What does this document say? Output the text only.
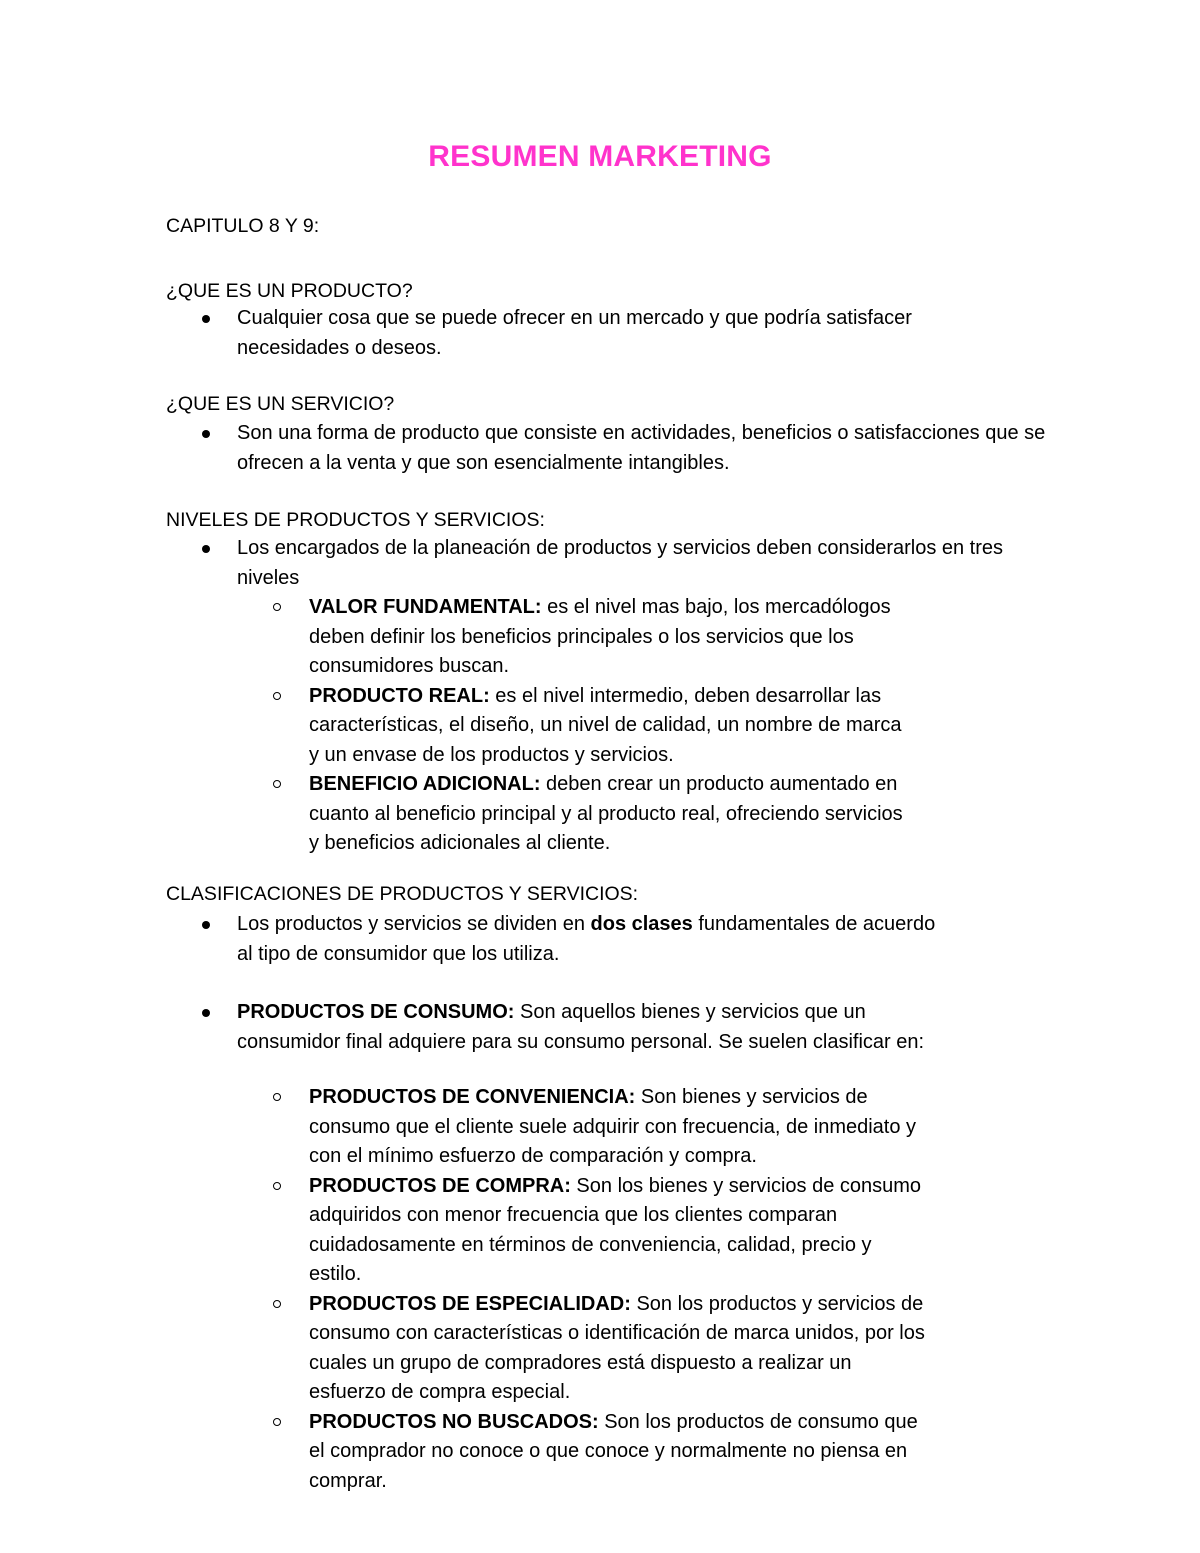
RESUMEN MARKETING
CAPITULO 8 Y 9:
¿QUE ES UN PRODUCTO?
Cualquier cosa que se puede ofrecer en un mercado y que podría satisfacer necesidades o deseos.
¿QUE ES UN SERVICIO?
Son una forma de producto que consiste en actividades, beneficios o satisfacciones que se ofrecen a la venta y que son esencialmente intangibles.
NIVELES DE PRODUCTOS Y SERVICIOS:
Los encargados de la planeación de productos y servicios deben considerarlos en tres niveles
VALOR FUNDAMENTAL: es el nivel mas bajo, los mercadólogos deben definir los beneficios principales o los servicios que los consumidores buscan.
PRODUCTO REAL: es el nivel intermedio, deben desarrollar las características, el diseño, un nivel de calidad, un nombre de marca y un envase de los productos y servicios.
BENEFICIO ADICIONAL: deben crear un producto aumentado en cuanto al beneficio principal y al producto real, ofreciendo servicios y beneficios adicionales al cliente.
CLASIFICACIONES DE PRODUCTOS Y SERVICIOS:
Los productos y servicios se dividen en dos clases fundamentales de acuerdo al tipo de consumidor que los utiliza.
PRODUCTOS DE CONSUMO: Son aquellos bienes y servicios que un consumidor final adquiere para su consumo personal. Se suelen clasificar en:
PRODUCTOS DE CONVENIENCIA: Son bienes y servicios de consumo que el cliente suele adquirir con frecuencia, de inmediato y con el mínimo esfuerzo de comparación y compra.
PRODUCTOS DE COMPRA: Son los bienes y servicios de consumo adquiridos con menor frecuencia que los clientes comparan cuidadosamente en términos de conveniencia, calidad, precio y estilo.
PRODUCTOS DE ESPECIALIDAD: Son los productos y servicios de consumo con características o identificación de marca unidos, por los cuales un grupo de compradores está dispuesto a realizar un esfuerzo de compra especial.
PRODUCTOS NO BUSCADOS: Son los productos de consumo que el comprador no conoce o que conoce y normalmente no piensa en comprar.
